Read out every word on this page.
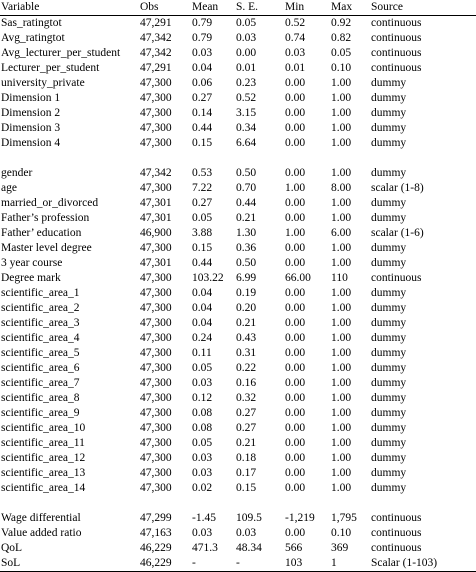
Variable	Obs	Mean	S. E.	Min	Max	Source
Sas_ratingtot	47,291	0.79	0.05	0.52	0.92	continuous
Avg_ratingtot	47,342	0.79	0.03	0.74	0.82	continuous
Avg_lecturer_per_student	47,342	0.03	0.00	0.03	0.05	continuous
Lecturer_per_student	47,291	0.04	0.01	0.01	0.10	continuous
university_private	47,300	0.06	0.23	0.00	1.00	dummy
Dimension 1	47,300	0.27	0.52	0.00	1.00	dummy
Dimension 2	47,300	0.14	3.15	0.00	1.00	dummy
Dimension 3	47,300	0.44	0.34	0.00	1.00	dummy
Dimension 4	47,300	0.15	6.64	0.00	1.00	dummy

gender	47,342	0.53	0.50	0.00	1.00	dummy
age	47,300	7.22	0.70	1.00	8.00	scalar (1-8)
married_or_divorced	47,301	0.27	0.44	0.00	1.00	dummy
Father’s profession	47,301	0.05	0.21	0.00	1.00	dummy
Father’ education	46,900	3.88	1.30	1.00	6.00	scalar (1-6)
Master level degree	47,300	0.15	0.36	0.00	1.00	dummy
3 year course	47,301	0.44	0.50	0.00	1.00	dummy
Degree mark	47,300	103.22	6.99	66.00	110	continuous
scientific_area_1	47,300	0.04	0.19	0.00	1.00	dummy
scientific_area_2	47,300	0.04	0.20	0.00	1.00	dummy
scientific_area_3	47,300	0.04	0.21	0.00	1.00	dummy
scientific_area_4	47,300	0.24	0.43	0.00	1.00	dummy
scientific_area_5	47,300	0.11	0.31	0.00	1.00	dummy
scientific_area_6	47,300	0.05	0.22	0.00	1.00	dummy
scientific_area_7	47,300	0.03	0.16	0.00	1.00	dummy
scientific_area_8	47,300	0.12	0.32	0.00	1.00	dummy
scientific_area_9	47,300	0.08	0.27	0.00	1.00	dummy
scientific_area_10	47,300	0.08	0.27	0.00	1.00	dummy
scientific_area_11	47,300	0.05	0.21	0.00	1.00	dummy
scientific_area_12	47,300	0.03	0.18	0.00	1.00	dummy
scientific_area_13	47,300	0.03	0.17	0.00	1.00	dummy
scientific_area_14	47,300	0.02	0.15	0.00	1.00	dummy

Wage differential	47,299	-1.45	109.5	-1,219	1,795	continuous
Value added ratio	47,163	0.03	0.03	0.00	0.10	continuous
QoL	46,229	471.3	48.34	566	369	continuous
SoL	46,229	-	-	103	1	Scalar (1-103)
